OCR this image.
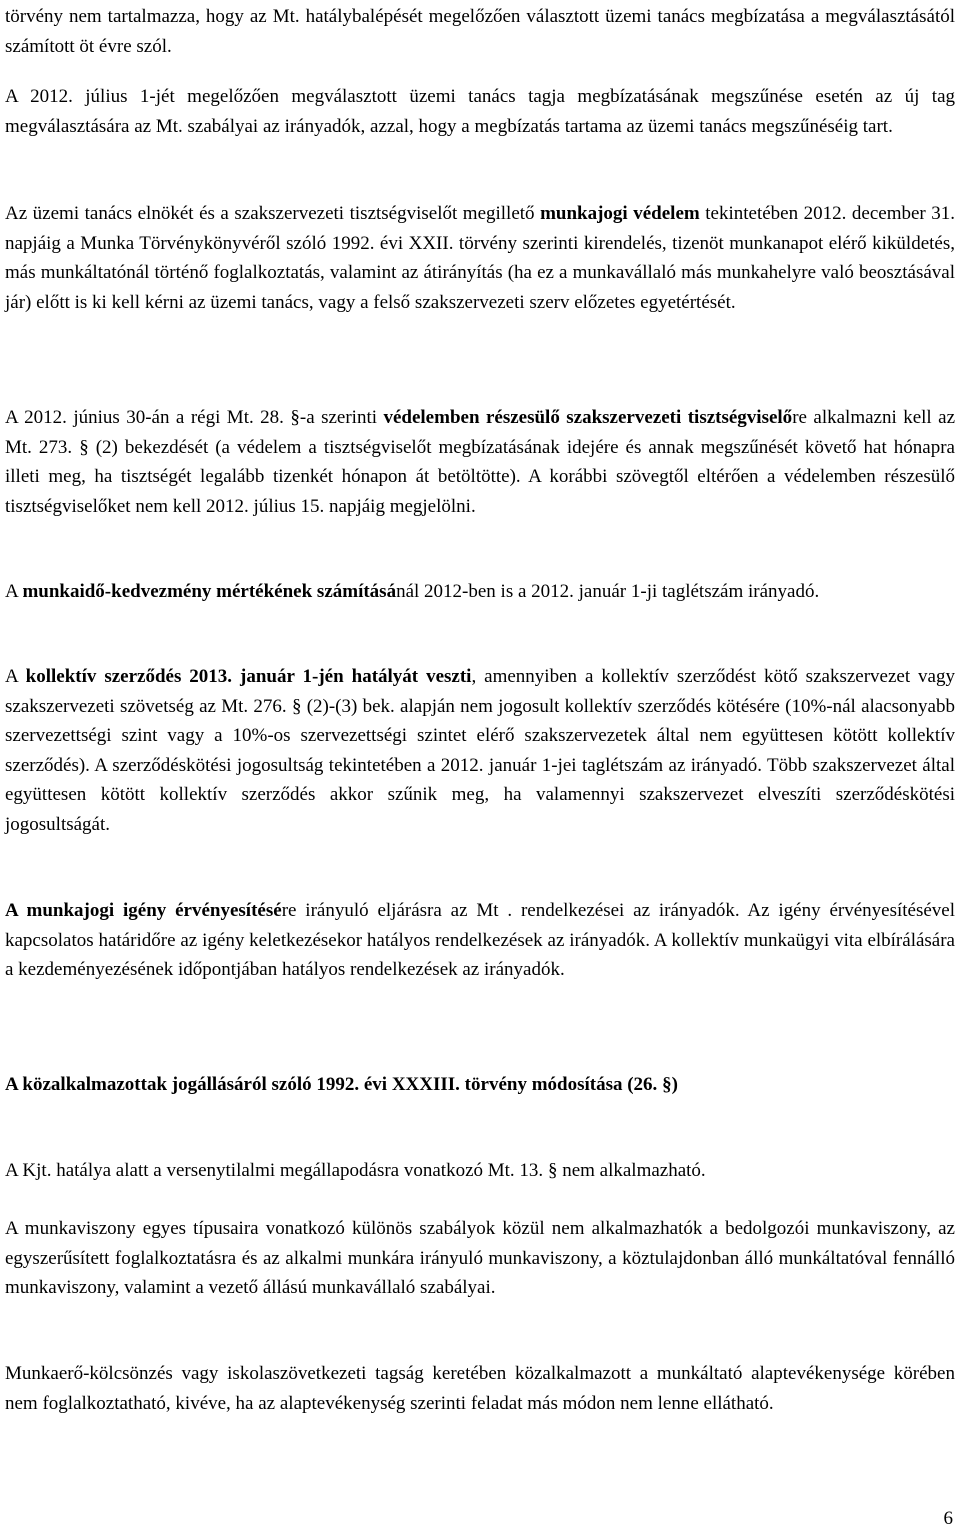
törvény nem tartalmazza, hogy az Mt. hatálybalépését megelőzően választott üzemi tanács megbízatása a megválasztásától számított öt évre szól.

A 2012. július 1-jét megelőzően megválasztott üzemi tanács tagja megbízatásának megszűnése esetén az új tag megválasztására az Mt. szabályai az irányadók, azzal, hogy a megbízatás tartama az üzemi tanács megszűnéséig tart.

Az üzemi tanács elnökét és a szakszervezeti tisztségviselőt megillető munkajogi védelem tekintetében 2012. december 31. napjáig a Munka Törvénykönyvéről szóló 1992. évi XXII. törvény szerinti kirendelés, tizenöt munkanapot elérő kiküldetés, más munkáltatónál történő foglalkoztatás, valamint az átirányítás (ha ez a munkavállaló más munkahelyre való beosztásával jár) előtt is ki kell kérni az üzemi tanács, vagy a felső szakszervezeti szerv előzetes egyetértését.

A 2012. június 30-án a régi Mt. 28. §-a szerinti védelemben részesülő szakszervezeti tisztségviselőre alkalmazni kell az Mt. 273. § (2) bekezdését (a védelem a tisztségviselőt megbízatásának idejére és annak megszűnését követő hat hónapra illeti meg, ha tisztségét legalább tizenkét hónapon át betöltötte). A korábbi szövegtől eltérően a védelemben részesülő tisztségviselőket nem kell 2012. július 15. napjáig megjelölni.

A munkaidő-kedvezmény mértékének számításánál 2012-ben is a 2012. január 1-ji taglétszám irányadó.

A kollektív szerződés 2013. január 1-jén hatályát veszti, amennyiben a kollektív szerződést kötő szakszervezet vagy szakszervezeti szövetség az Mt. 276. § (2)-(3) bek. alapján nem jogosult kollektív szerződés kötésére (10%-nál alacsonyabb szervezettségi szint vagy a 10%-os szervezettségi szintet elérő szakszervezetek által nem együttesen kötött kollektív szerződés). A szerződéskötési jogosultság tekintetében a 2012. január 1-jei taglétszám az irányadó. Több szakszervezet által együttesen kötött kollektív szerződés akkor szűnik meg, ha valamennyi szakszervezet elveszíti szerződéskötési jogosultságát.

A munkajogi igény érvényesítésére irányuló eljárásra az Mt . rendelkezései az irányadók. Az igény érvényesítésével kapcsolatos határidőre az igény keletkezésekor hatályos rendelkezések az irányadók. A kollektív munkaügyi vita elbírálására a kezdeményezésének időpontjában hatályos rendelkezések az irányadók.

A közalkalmazottak jogállásáról szóló 1992. évi XXXIII. törvény módosítása (26. §)

A Kjt. hatálya alatt a versenytilalmi megállapodásra vonatkozó Mt. 13. § nem alkalmazható.

A munkaviszony egyes típusaira vonatkozó különös szabályok közül nem alkalmazhatók a bedolgozói munkaviszony, az egyszerűsített foglalkoztatásra és az alkalmi munkára irányuló munkaviszony, a köztulajdonban álló munkáltatóval fennálló munkaviszony, valamint a vezető állású munkavállaló szabályai.

Munkaerő-kölcsönzés vagy iskolaszövetkezeti tagság keretében közalkalmazott a munkáltató alaptevékenysége körében nem foglalkoztatható, kivéve, ha az alaptevékenység szerinti feladat más módon nem lenne ellátható.

6
